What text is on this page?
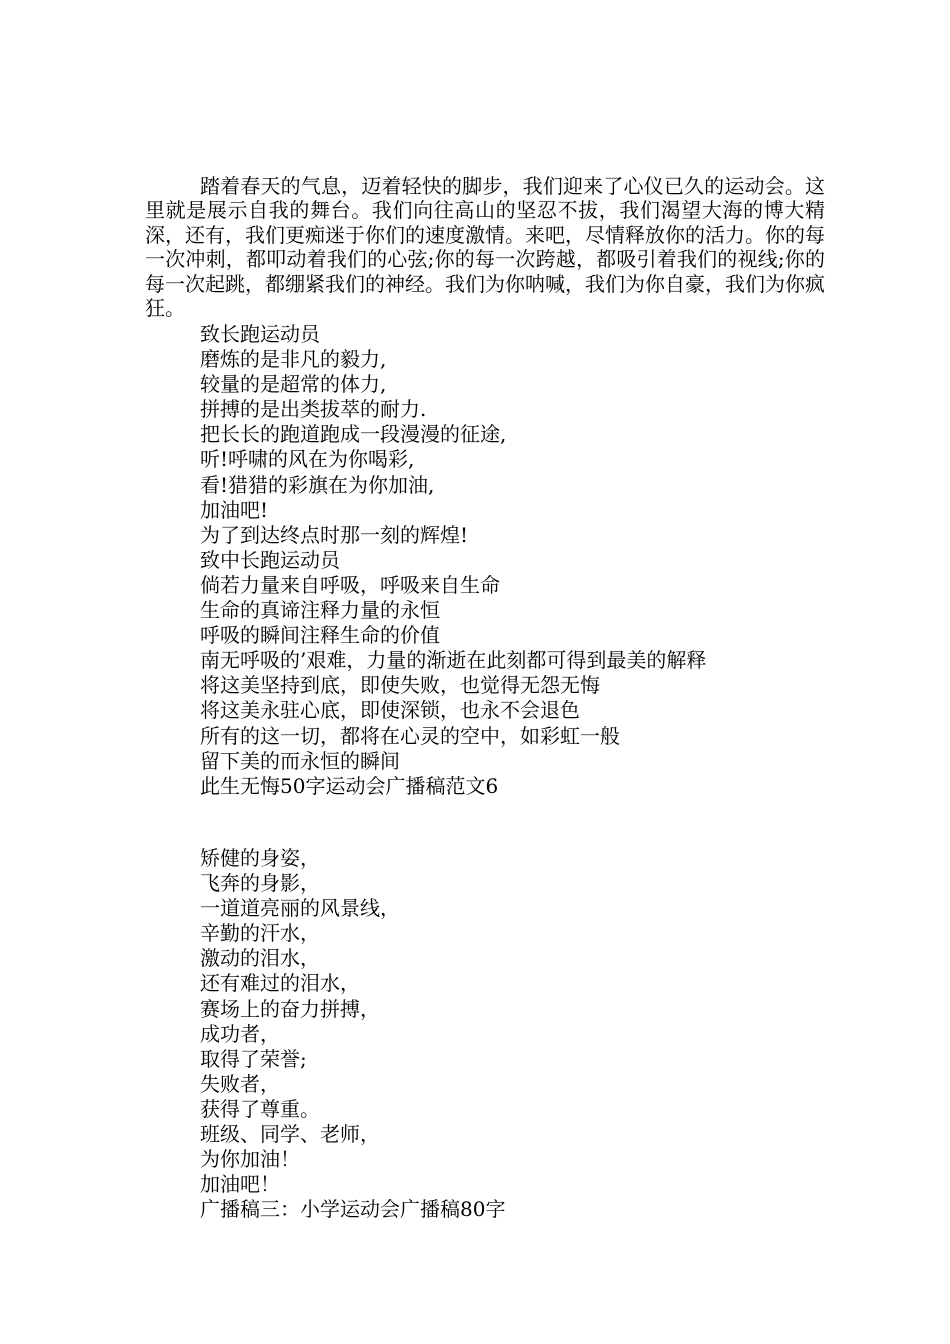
踏着春天的气息，迈着轻快的脚步，我们迎来了心仪已久的运动会。这里就是展示自我的舞台。我们向往高山的坚忍不拔，我们渴望大海的博大精深，还有，我们更痴迷于你们的速度激情。来吧，尽情释放你的活力。你的每一次冲刺，都叩动着我们的心弦;你的每一次跨越，都吸引着我们的视线;你的每一次起跳，都绷紧我们的神经。我们为你呐喊，我们为你自豪，我们为你疯狂。

致长跑运动员
磨炼的是非凡的毅力,
较量的是超常的体力,
拼搏的是出类拔萃的耐力.
把长长的跑道跑成一段漫漫的征途,
听!呼啸的风在为你喝彩,
看!猎猎的彩旗在为你加油,
加油吧!
为了到达终点时那一刻的辉煌!
致中长跑运动员
倘若力量来自呼吸，呼吸来自生命
生命的真谛注释力量的永恒
呼吸的瞬间注释生命的价值
南无呼吸的’艰难，力量的渐逝在此刻都可得到最美的解释
将这美坚持到底，即使失败，也觉得无怨无悔
将这美永驻心底，即使深锁，也永不会退色
所有的这一切，都将在心灵的空中，如彩虹一般
留下美的而永恒的瞬间
此生无悔50字运动会广播稿范文6
矫健的身姿，
飞奔的身影，
一道道亮丽的风景线，
辛勤的汗水，
激动的泪水，
还有难过的泪水，
赛场上的奋力拼搏，
成功者，
取得了荣誉;
失败者，
获得了尊重。
班级、同学、老师，
为你加油！
加油吧！
广播稿三：小学运动会广播稿80字
